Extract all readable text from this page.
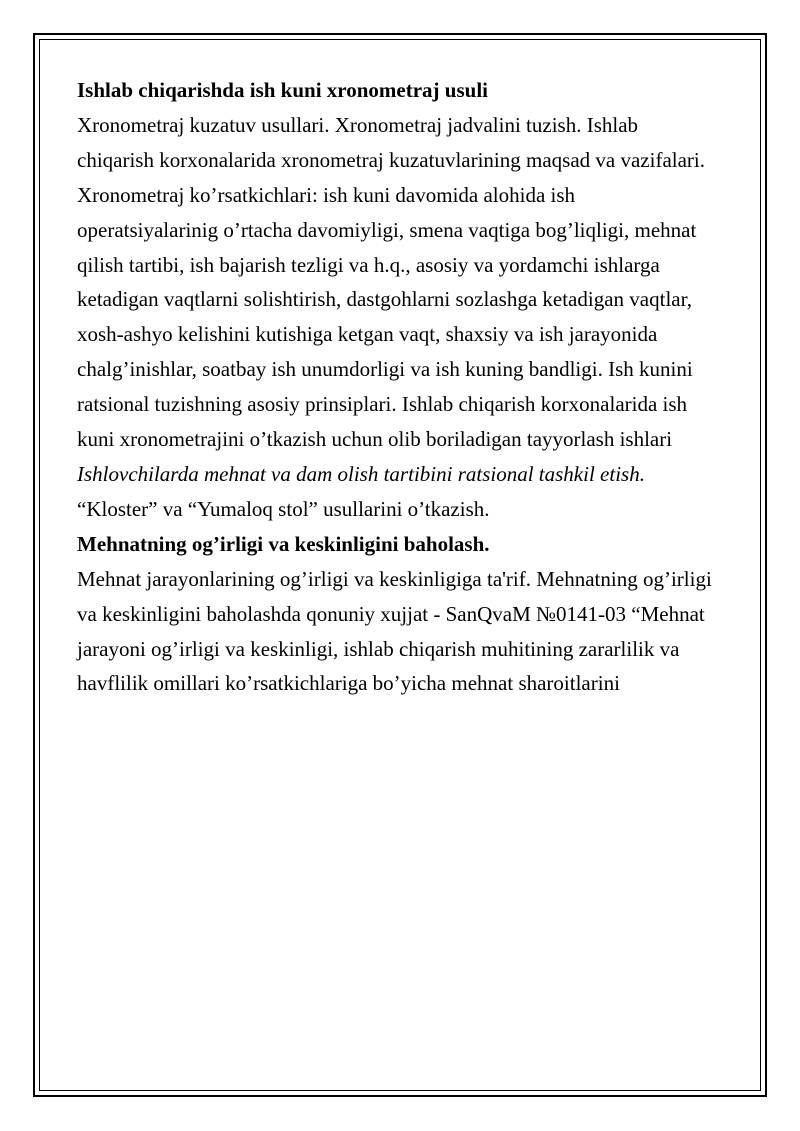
Ishlab chiqarishda ish kuni xronometraj usuli

Xronometraj kuzatuv usullari. Xronometraj jadvalini tuzish. Ishlab chiqarish korxonalarida xronometraj kuzatuvlarining maqsad va vazifalari. Xronometraj ko’rsatkichlari: ish kuni davomida alohida ish operatsiyalarinig o’rtacha davomiyligi, smena vaqtiga bog’liqligi, mehnat qilish tartibi, ish bajarish tezligi va h.q., asosiy va yordamchi ishlarga ketadigan vaqtlarni solishtirish, dastgohlarni sozlashga ketadigan vaqtlar, xosh-ashyo kelishini kutishiga ketgan vaqt, shaxsiy va ish jarayonida chalg’inishlar, soatbay ish unumdorligi va ish kuning bandligi. Ish kunini ratsional tuzishning asosiy prinsiplari. Ishlab chiqarish korxonalarida ish kuni xronometrajini o’tkazish uchun olib boriladigan tayyorlash ishlari

Ishlovchilarda mehnat va dam olish tartibini ratsional tashkil etish.

“Kloster” va “Yumaloq stol” usullarini o’tkazish.

Mehnatning og’irligi va keskinligini baholash.

Mehnat jarayonlarining og’irligi va keskinligiga ta'rif. Mehnatning og’irligi va keskinligini baholashda qonuniy xujjat - SanQvaM №0141-03 “Mehnat jarayoni og’irligi va keskinligi, ishlab chiqarish muhitining zararlilik va havflilik omillari ko’rsatkichlariga bo’yicha mehnat sharoitlarini
